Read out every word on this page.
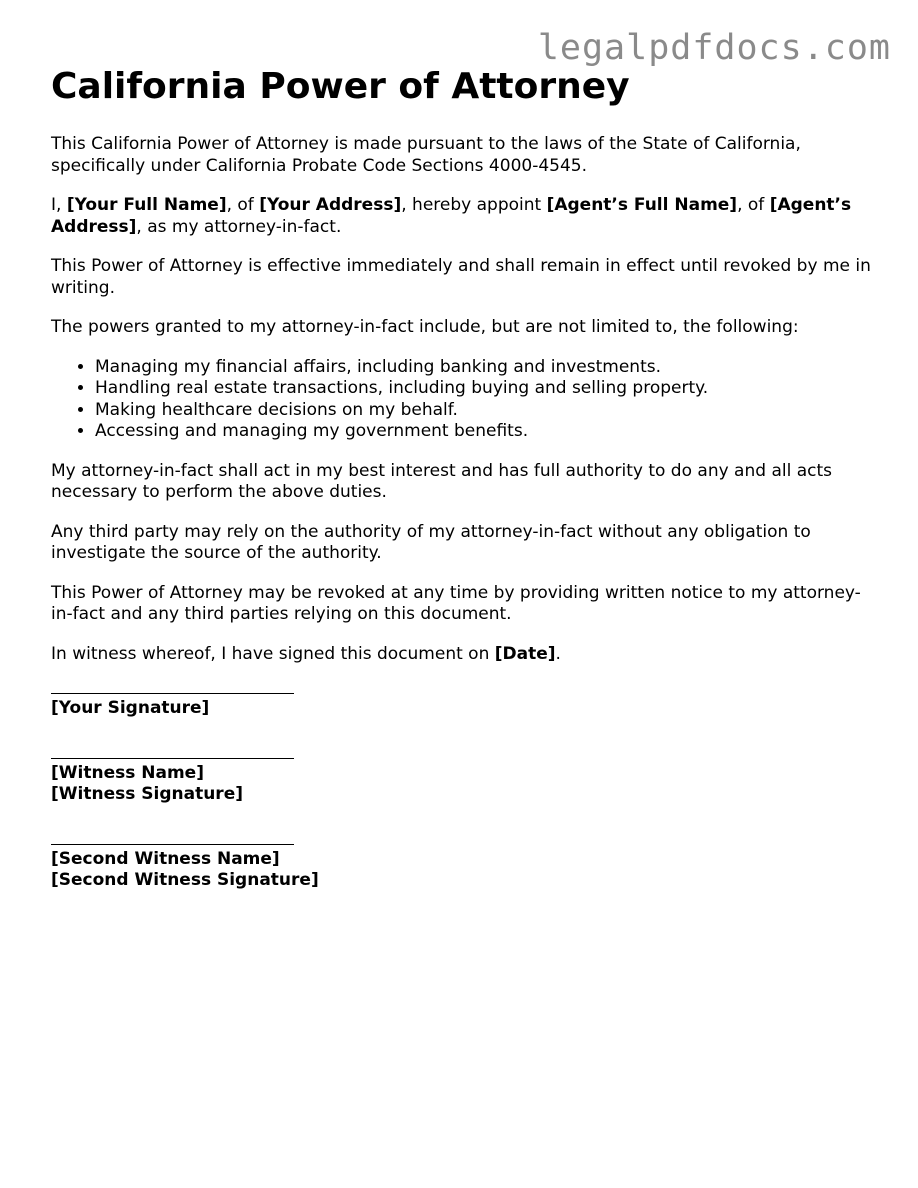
legalpdfdocs.com
California Power of Attorney

This California Power of Attorney is made pursuant to the laws of the State of California, specifically under California Probate Code Sections 4000-4545.

I, [Your Full Name], of [Your Address], hereby appoint [Agent’s Full Name], of [Agent’s Address], as my attorney-in-fact.

This Power of Attorney is effective immediately and shall remain in effect until revoked by me in writing.

The powers granted to my attorney-in-fact include, but are not limited to, the following:

• Managing my financial affairs, including banking and investments.
• Handling real estate transactions, including buying and selling property.
• Making healthcare decisions on my behalf.
• Accessing and managing my government benefits.

My attorney-in-fact shall act in my best interest and has full authority to do any and all acts necessary to perform the above duties.

Any third party may rely on the authority of my attorney-in-fact without any obligation to investigate the source of the authority.

This Power of Attorney may be revoked at any time by providing written notice to my attorney-in-fact and any third parties relying on this document.

In witness whereof, I have signed this document on [Date].

[Your Signature]
[Witness Name]
[Witness Signature]
[Second Witness Name]
[Second Witness Signature]
